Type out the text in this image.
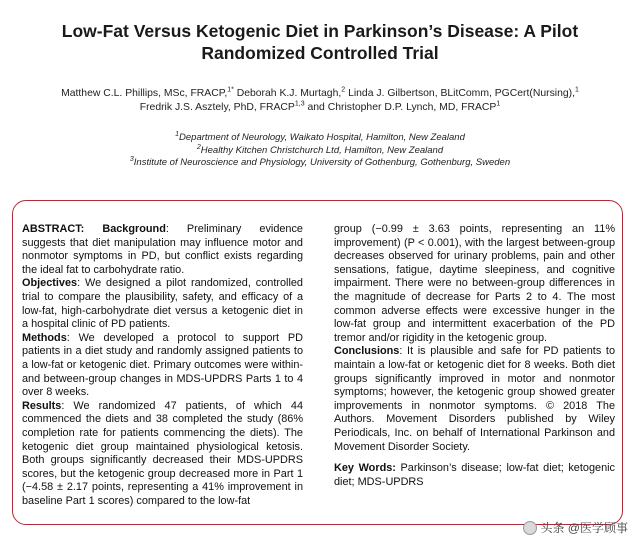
Low-Fat Versus Ketogenic Diet in Parkinson’s Disease: A Pilot Randomized Controlled Trial
Matthew C.L. Phillips, MSc, FRACP,$^{1*}$ Deborah K.J. Murtagh,$^2$ Linda J. Gilbertson, BLitComm, PGCert(Nursing),$^1$
Fredrik J.S. Asztely, PhD, FRACP$^{1,3}$ and Christopher D.P. Lynch, MD, FRACP$^1$
$^1$Department of Neurology, Waikato Hospital, Hamilton, New Zealand
$^2$Healthy Kitchen Christchurch Ltd, Hamilton, New Zealand
$^3$Institute of Neuroscience and Physiology, University of Gothenburg, Gothenburg, Sweden

ABSTRACT: Background: Preliminary evidence suggests that diet manipulation may influence motor and nonmotor symptoms in PD, but conflict exists regarding the ideal fat to carbohydrate ratio.

Objectives: We designed a pilot randomized, controlled trial to compare the plausibility, safety, and efficacy of a low-fat, high-carbohydrate diet versus a ketogenic diet in a hospital clinic of PD patients.

Methods: We developed a protocol to support PD patients in a diet study and randomly assigned patients to a low-fat or ketogenic diet. Primary outcomes were within- and between-group changes in MDS-UPDRS Parts 1 to 4 over 8 weeks.

Results: We randomized 47 patients, of which 44 commenced the diets and 38 completed the study (86% completion rate for patients commencing the diets). The ketogenic diet group maintained physiological ketosis. Both groups significantly decreased their MDS-UPDRS scores, but the ketogenic group decreased more in Part 1 (−4.58 ± 2.17 points, representing a 41% improvement in baseline Part 1 scores) compared to the low-fat

group (−0.99 ± 3.63 points, representing an 11% improvement) (P < 0.001), with the largest between-group decreases observed for urinary problems, pain and other sensations, fatigue, daytime sleepiness, and cognitive impairment. There were no between-group differences in the magnitude of decrease for Parts 2 to 4. The most common adverse effects were excessive hunger in the low-fat group and intermittent exacerbation of the PD tremor and/or rigidity in the ketogenic group.

Conclusions: It is plausible and safe for PD patients to maintain a low-fat or ketogenic diet for 8 weeks. Both diet groups significantly improved in motor and nonmotor symptoms; however, the ketogenic group showed greater improvements in nonmotor symptoms. © 2018 The Authors. Movement Disorders published by Wiley Periodicals, Inc. on behalf of International Parkinson and Movement Disorder Society.

Key Words: Parkinson’s disease; low-fat diet; ketogenic diet; MDS-UPDRS

头条 @医学顾事
